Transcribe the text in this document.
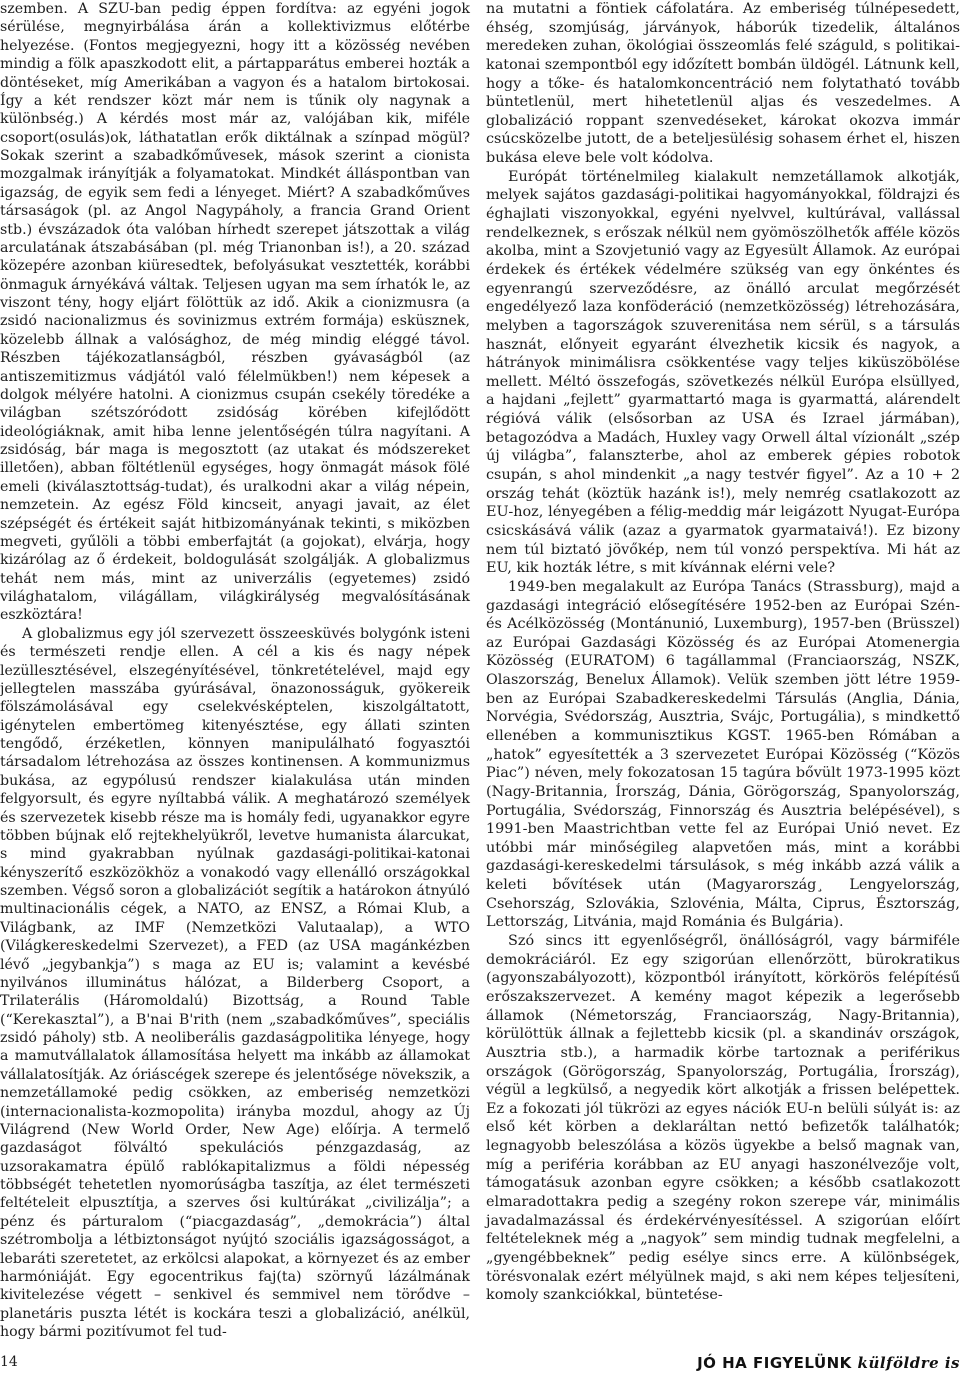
szemben. A SZU-ban pedig éppen fordítva: az egyéni jogok sérülése, megnyirbálása árán a kollektivizmus előtérbe helyezése. (Fontos megjegyezni, hogy itt a közösség nevében mindig a fölk apaszkodott elit, a pártapparátus emberei hozták a döntéseket, míg Amerikában a vagyon és a hatalom birtokosai. Így a két rendszer közt már nem is tűnik oly nagynak a különbség.) A kérdés most már az, valójában kik, miféle csoport(osulás)ok, láthatatlan erők diktálnak a színpad mögül? Sokak szerint a szabadkőművesek, mások szerint a cionista mozgalmak irányítják a folyamatokat. Mindkét álláspontban van igazság, de egyik sem fedi a lényeget. Miért? A szabadkőműves társaságok (pl. az Angol Nagypáholy, a francia Grand Orient stb.) évszázadok óta valóban hírhedt szerepet játszottak a világ arculatának átszabásában (pl. még Trianonban is!), a 20. század közepére azonban kiüresedtek, befolyásukat vesztették, korábbi önmaguk árnyékává váltak. Teljesen ugyan ma sem írhatók le, az viszont tény, hogy eljárt fölöttük az idő. Akik a cionizmusra (a zsidó nacionalizmus és sovinizmus extrém formája) esküsznek, közelebb állnak a valósághoz, de még mindig eléggé távol. Részben tájékozatlanságból, részben gyávaságból (az antiszemitizmus vádjától való félelmükben!) nem képesek a dolgok mélyére hatolni. A cionizmus csupán csekély töredéke a világban szétszóródott zsidóság körében kifejlődött ideológiáknak, amit hiba lenne jelentőségén túlra nagyítani. A zsidóság, bár maga is megosztott (az utakat és módszereket illetően), abban föltétlenül egységes, hogy önmagát mások fölé emeli (kiválasztottság-tudat), és uralkodni akar a világ népein, nemzetein. Az egész Föld kincseit, anyagi javait, az élet szépségét és értékeit saját hitbizományának tekinti, s miközben megveti, gyűlöli a többi emberfajtát (a gojokat), elvárja, hogy kizárólag az ő érdekeit, boldogulását szolgálják. A globalizmus tehát nem más, mint az univerzális (egyetemes) zsidó világhatalom, világállam, világkirálység megvalósításának eszköztára!

A globalizmus egy jól szervezett összeesküvés bolygónk isteni és természeti rendje ellen. A cél a kis és nagy népek lezüllesztésével, elszegényítésével, tönkretételével, majd egy jellegtelen masszába gyúrásával, önazonosságuk, gyökereik fölszámolásával egy cselekvésképtelen, kiszolgáltatott, igénytelen embertömeg kitenyésztése, egy állati szinten tengődő, érzéketlen, könnyen manipulálható fogyasztói társadalom létrehozása az összes kontinensen. A kommunizmus bukása, az egypólusú rendszer kialakulása után minden felgyorsult, és egyre nyíltabbá válik. A meghatározó személyek és szervezetek kisebb része ma is homály fedi, ugyanakkor egyre többen bújnak elő rejtekhelyükről, levetve humanista álarcukat, s mind gyakrabban nyúlnak gazdasági-politikai-katonai kényszerítő eszközökhöz a vonakodó vagy ellenálló országokkal szemben. Végső soron a globalizációt segítik a határokon átnyúló multinacionális cégek, a NATO, az ENSZ, a Római Klub, a Világbank, az IMF (Nemzetközi Valutaalap), a WTO (Világkereskedelmi Szervezet), a FED (az USA magánkézben lévő „jegybankja”) s maga az EU is; valamint a kevésbé nyilvános illuminátus hálózat, a Bilderberg Csoport, a Trilaterális (Háromoldalú) Bizottság, a Round Table (“Kerekasztal”), a B'nai B'rith (nem „szabadkőműves”, speciális zsidó páholy) stb. A neoliberális gazdaságpolitika lényege, hogy a mamutvállalatok államosítása helyett ma inkább az államokat vállalatosítják. Az óriáscégek szerepe és jelentősége növekszik, a nemzetállamoké pedig csökken, az emberiség nemzetközi (internacionalista-kozmopolita) irányba mozdul, ahogy az Új Világrend (New World Order, New Age) előírja. A termelő gazdaságot fölváltó spekulációs pénzgazdaság, az uzsorakamatra épülő rablókapitalizmus a földi népesség többségét tehetetlen nyomorúságba taszítja, az élet természeti feltételeit elpusztítja, a szerves ősi kultúrákat „civilizálja”; a pénz és párturalom (“piacgazdaság”, „demokrácia”) által szétrombolja a létbiztonságot nyújtó szociális igazságosságot, a lebaráti szeretetet, az erkölcsi alapokat, a környezet és az ember harmóniáját. Egy egocentrikus faj(ta) szörnyű lázálmának kivitelezése végett – senkivel és semmivel nem törődve – planetáris puszta létét is kockára teszi a globalizáció, anélkül, hogy bármi pozitívumot fel tud-

na mutatni a föntiek cáfolatára. Az emberiség túlnépesedett, éhség, szomjúság, járványok, háborúk tizedelik, általános meredeken zuhan, ökológiai összeomlás felé száguld, s politikai-katonai szempontból egy időzített bombán üldögél. Látnunk kell, hogy a tőke- és hatalomkoncentráció nem folytatható tovább büntetlenül, mert hihetetlenül aljas és veszedelmes. A globalizáció roppant szenvedéseket, károkat okozva immár csúcsközelbe jutott, de a beteljesülésig sohasem érhet el, hiszen bukása eleve bele volt kódolva.

Európát történelmileg kialakult nemzetállamok alkotják, melyek sajátos gazdasági-politikai hagyományokkal, földrajzi és éghajlati viszonyokkal, egyéni nyelvvel, kultúrával, vallással rendelkeznek, s erőszak nélkül nem gyömöszölhetők afféle közös akolba, mint a Szovjetunió vagy az Egyesült Államok. Az európai érdekek és értékek védelmére szükség van egy önkéntes és egyenrangú szerveződésre, az önálló arculat megőrzését engedélyező laza konföderáció (nemzetközösség) létrehozására, melyben a tagországok szuverenitása nem sérül, s a társulás hasznát, előnyeit egyaránt élvezhetik kicsik és nagyok, a hátrányok minimálisra csökkentése vagy teljes kiküszöbölése mellett. Méltó összefogás, szövetkezés nélkül Európa elsüllyed, a hajdani „fejlett” gyarmattartó maga is gyarmattá, alárendelt régióvá válik (elsősorban az USA és Izrael jármában), betagozódva a Madách, Huxley vagy Orwell által vízionált „szép új világba”, falanszterbe, ahol az emberek gépies robotok csupán, s ahol mindenkit „a nagy testvér figyel”. Az a 10 + 2 ország tehát (köztük hazánk is!), mely nemrég csatlakozott az EU-hoz, lényegében a félig-meddig már leigázott Nyugat-Európa csicskásává válik (azaz a gyarmatok gyarmataivá!). Ez bizony nem túl biztató jövőkép, nem túl vonzó perspektíva. Mi hát az EU, kik hozták létre, s mit kívánnak elérni vele?

1949-ben megalakult az Európa Tanács (Strassburg), majd a gazdasági integráció elősegítésére 1952-ben az Európai Szén- és Acélközösség (Montánunió, Luxemburg), 1957-ben (Brüsszel) az Európai Gazdasági Közösség és az Európai Atomenergia Közösség (EURATOM) 6 tagállammal (Franciaország, NSZK, Olaszország, Benelux Államok). Velük szemben jött létre 1959-ben az Európai Szabadkereskedelmi Társulás (Anglia, Dánia, Norvégia, Svédország, Ausztria, Svájc, Portugália), s mindkettő ellenében a kommunisztikus KGST. 1965-ben Rómában a „hatok” egyesítették a 3 szervezetet Európai Közösség (“Közös Piac”) néven, mely fokozatosan 15 tagúra bővült 1973-1995 közt (Nagy-Britannia, Írország, Dánia, Görögország, Spanyolország, Portugália, Svédország, Finnország és Ausztria belépésével), s 1991-ben Maastrichtban vette fel az Európai Unió nevet. Ez utóbbi már minőségileg alapvetően más, mint a korábbi gazdasági-kereskedelmi társulások, s még inkább azzá válik a keleti bővítések után (Magyarország¸ Lengyelország, Csehország, Szlovákia, Szlovénia, Málta, Ciprus, Észtország, Lettország, Litvánia, majd Románia és Bulgária).

Szó sincs itt egyenlőségről, önállóságról, vagy bármiféle demokráciáról. Ez egy szigorúan ellenőrzött, bürokratikus (agyonszabályozott), központból irányított, körkörös felépítésű erőszakszervezet. A kemény magot képezik a legerősebb államok (Németország, Franciaország, Nagy-Britannia), körülöttük állnak a fejlettebb kicsik (pl. a skandináv országok, Ausztria stb.), a harmadik körbe tartoznak a periférikus országok (Görögország, Spanyolország, Portugália, Írország), végül a legkülső, a negyedik kört alkotják a frissen belépettek. Ez a fokozati jól tükrözi az egyes nációk EU-n belüli súlyát is: az első két körben a deklaráltan nettó befizetők találhatók; legnagyobb beleszólása a közös ügyekbe a belső magnak van, míg a periféria korábban az EU anyagi haszonélvezője volt, támogatásuk azonban egyre csökken; a később csatlakozott elmaradottakra pedig a szegény rokon szerepe vár, minimális javadalmazással és érdekérvényesítéssel. A szigorúan előírt feltételeknek még a „nagyok” sem mindig tudnak megfelelni, a „gyengébbeknek” pedig esélye sincs erre. A különbségek, törésvonalak ezért mélyülnek majd, s aki nem képes teljesíteni, komoly szankciókkal, büntetése-

14	JÓ HA FIGYELÜNK külföldre is
